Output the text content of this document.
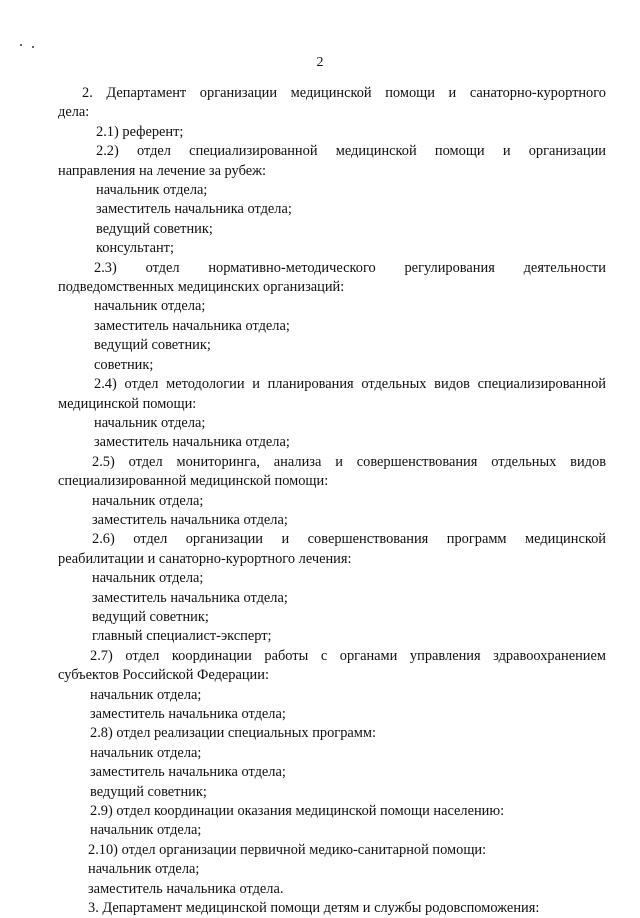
2
2. Департамент организации медицинской помощи и санаторно-курортного
дела:
2.1) референт;
2.2) отдел специализированной медицинской помощи и организации
направления на лечение за рубеж:
начальник отдела;
заместитель начальника отдела;
ведущий советник;
консультант;
2.3) отдел нормативно-методического регулирования деятельности
подведомственных медицинских организаций:
начальник отдела;
заместитель начальника отдела;
ведущий советник;
советник;
2.4) отдел методологии и планирования отдельных видов специализированной
медицинской помощи:
начальник отдела;
заместитель начальника отдела;
2.5) отдел мониторинга, анализа и совершенствования отдельных видов
специализированной медицинской помощи:
начальник отдела;
заместитель начальника отдела;
2.6) отдел организации и совершенствования программ медицинской
реабилитации и санаторно-курортного лечения:
начальник отдела;
заместитель начальника отдела;
ведущий советник;
главный специалист-эксперт;
2.7) отдел координации работы с органами управления здравоохранением
субъектов Российской Федерации:
начальник отдела;
заместитель начальника отдела;
2.8) отдел реализации специальных программ:
начальник отдела;
заместитель начальника отдела;
ведущий советник;
2.9) отдел координации оказания медицинской помощи населению:
начальник отдела;
2.10) отдел организации первичной медико-санитарной помощи:
начальник отдела;
заместитель начальника отдела.
3. Департамент медицинской помощи детям и службы родовспоможения:
